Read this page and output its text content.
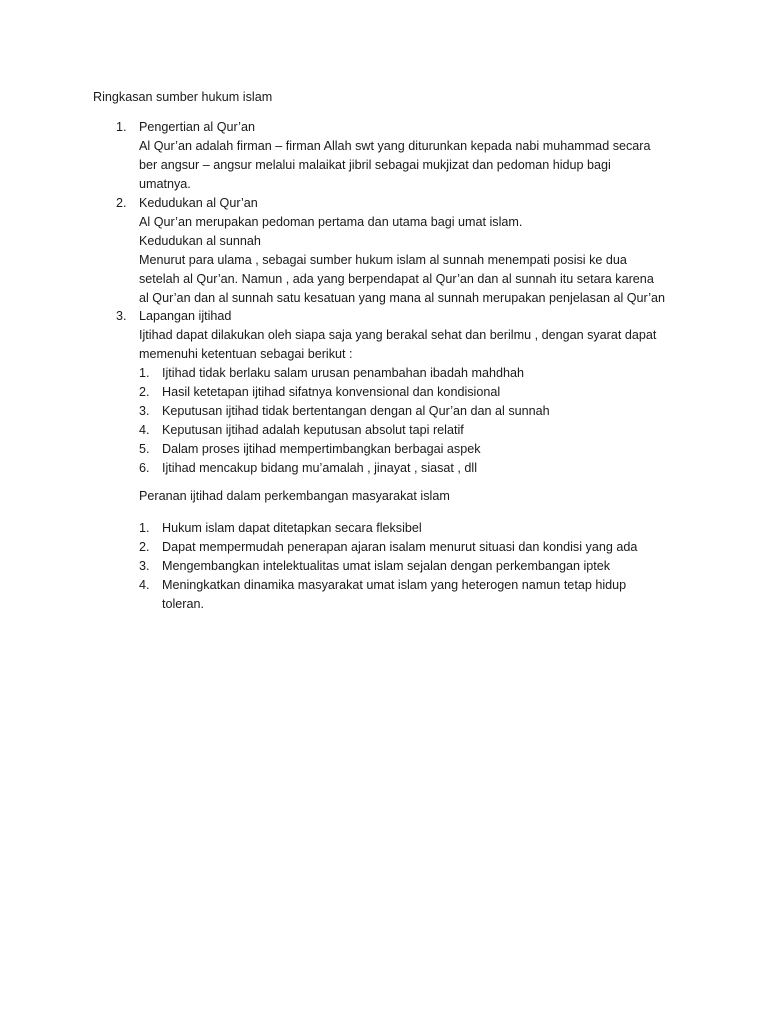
Ringkasan sumber hukum islam
1. Pengertian al Qur’an
Al Qur’an adalah firman – firman Allah swt yang diturunkan kepada nabi muhammad secara
ber angsur – angsur melalui malaikat jibril sebagai mukjizat dan pedoman hidup bagi
umatnya.
2. Kedudukan al Qur’an
Al Qur’an merupakan pedoman pertama dan utama bagi umat islam.
Kedudukan al sunnah
Menurut para ulama , sebagai sumber hukum islam al sunnah menempati posisi ke dua
setelah al Qur’an. Namun , ada yang berpendapat al Qur’an dan al sunnah itu setara karena
al Qur’an dan al sunnah satu kesatuan yang mana al sunnah merupakan penjelasan al Qur’an
3. Lapangan ijtihad
Ijtihad dapat dilakukan oleh siapa saja yang berakal sehat dan berilmu , dengan syarat dapat
memenuhi ketentuan sebagai berikut :
1. Ijtihad tidak berlaku salam urusan penambahan ibadah mahdhah
2. Hasil ketetapan ijtihad sifatnya konvensional dan kondisional
3. Keputusan ijtihad tidak bertentangan dengan al Qur’an dan al sunnah
4. Keputusan ijtihad adalah keputusan absolut tapi relatif
5. Dalam proses ijtihad mempertimbangkan berbagai aspek
6. Ijtihad mencakup bidang mu’amalah , jinayat , siasat , dll
Peranan ijtihad dalam perkembangan masyarakat islam
1. Hukum islam dapat ditetapkan secara fleksibel
2. Dapat mempermudah penerapan ajaran isalam menurut situasi dan kondisi yang ada
3. Mengembangkan intelektualitas umat islam sejalan dengan perkembangan iptek
4. Meningkatkan dinamika masyarakat umat islam yang heterogen namun tetap hidup
toleran.
